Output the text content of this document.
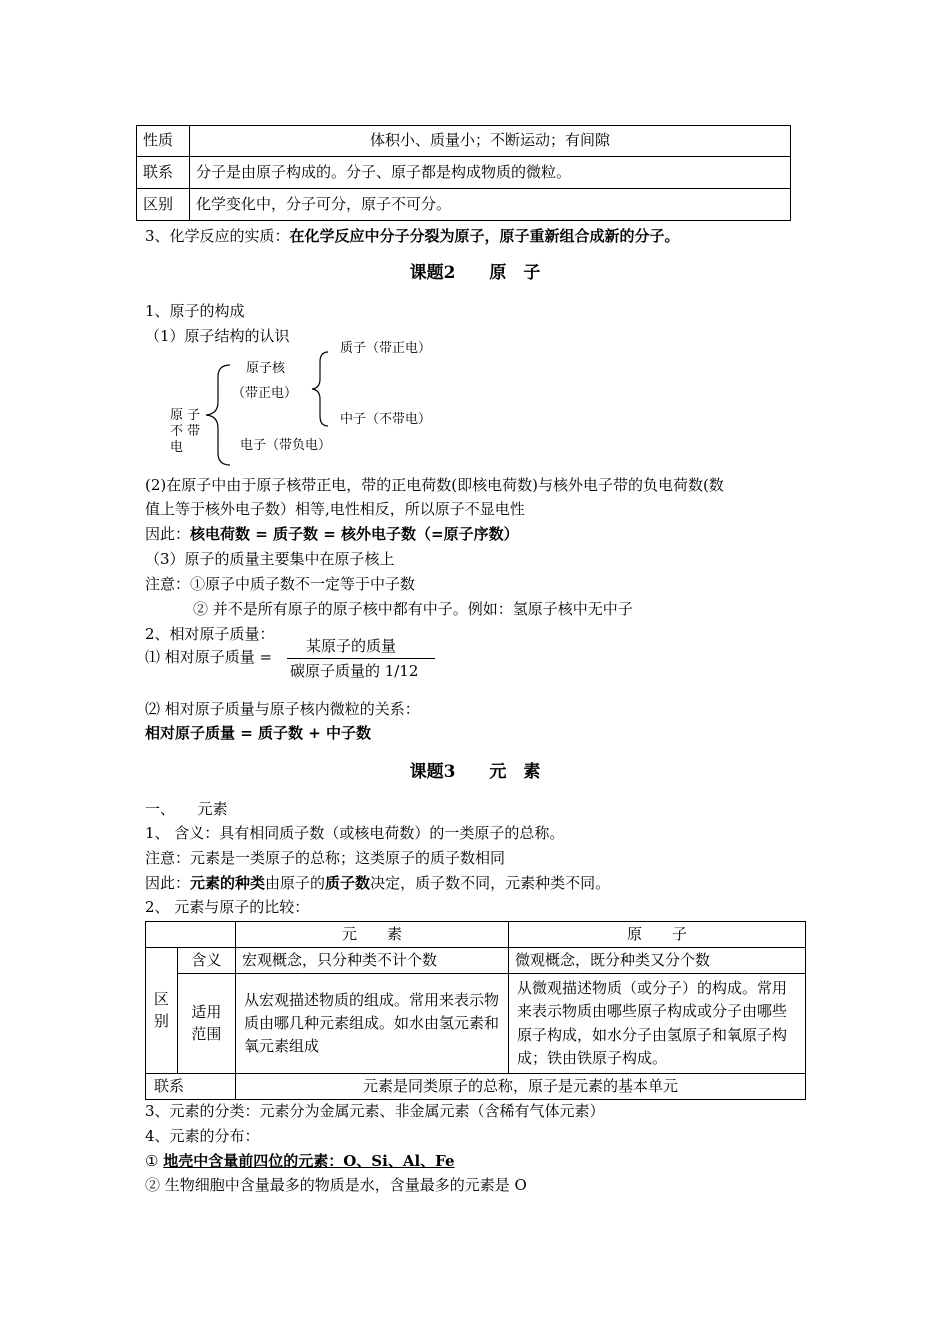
性质	体积小、质量小；不断运动；有间隙
联系	分子是由原子构成的。分子、原子都是构成物质的微粒。
区别	化学变化中，分子可分，原子不可分。
3、化学反应的实质：在化学反应中分子分裂为原子，原子重新组合成新的分子。
课题2　　原　子
1、原子的构成
（1）原子结构的认识
原 子
不 带
电
原子核
（带正电）
质子（带正电）
中子（不带电）
电子（带负电）
(2)在原子中由于原子核带正电，带的正电荷数(即核电荷数)与核外电子带的负电荷数(数
值上等于核外电子数）相等,电性相反，所以原子不显电性
因此：核电荷数 = 质子数 = 核外电子数（=原子序数）
（3）原子的质量主要集中在原子核上
注意：①原子中质子数不一定等于中子数
② 并不是所有原子的原子核中都有中子。例如：氢原子核中无中子
2、相对原子质量：
⑴ 相对原子质量 =
某原子的质量
碳原子质量的 1/12
⑵ 相对原子质量与原子核内微粒的关系：
相对原子质量 = 质子数 + 中子数
课题3　　元　素
一、　　元素
1、 含义：具有相同质子数（或核电荷数）的一类原子的总称。
注意：元素是一类原子的总称；这类原子的质子数相同
因此：元素的种类由原子的质子数决定，质子数不同，元素种类不同。
2、 元素与原子的比较：
		元　　素	原　　子
区别	含义	宏观概念，只分种类不计个数	微观概念，既分种类又分个数
	适用范围	从宏观描述物质的组成。常用来表示物质由哪几种元素组成。如水由氢元素和氧元素组成	从微观描述物质（或分子）的构成。常用来表示物质由哪些原子构成或分子由哪些原子构成，如水分子由氢原子和氧原子构成；铁由铁原子构成。
联系		元素是同类原子的总称，原子是元素的基本单元	
3、元素的分类：元素分为金属元素、非金属元素（含稀有气体元素）
4、元素的分布：
① 地壳中含量前四位的元素：O、Si、Al、Fe
② 生物细胞中含量最多的物质是水，含量最多的元素是 O
